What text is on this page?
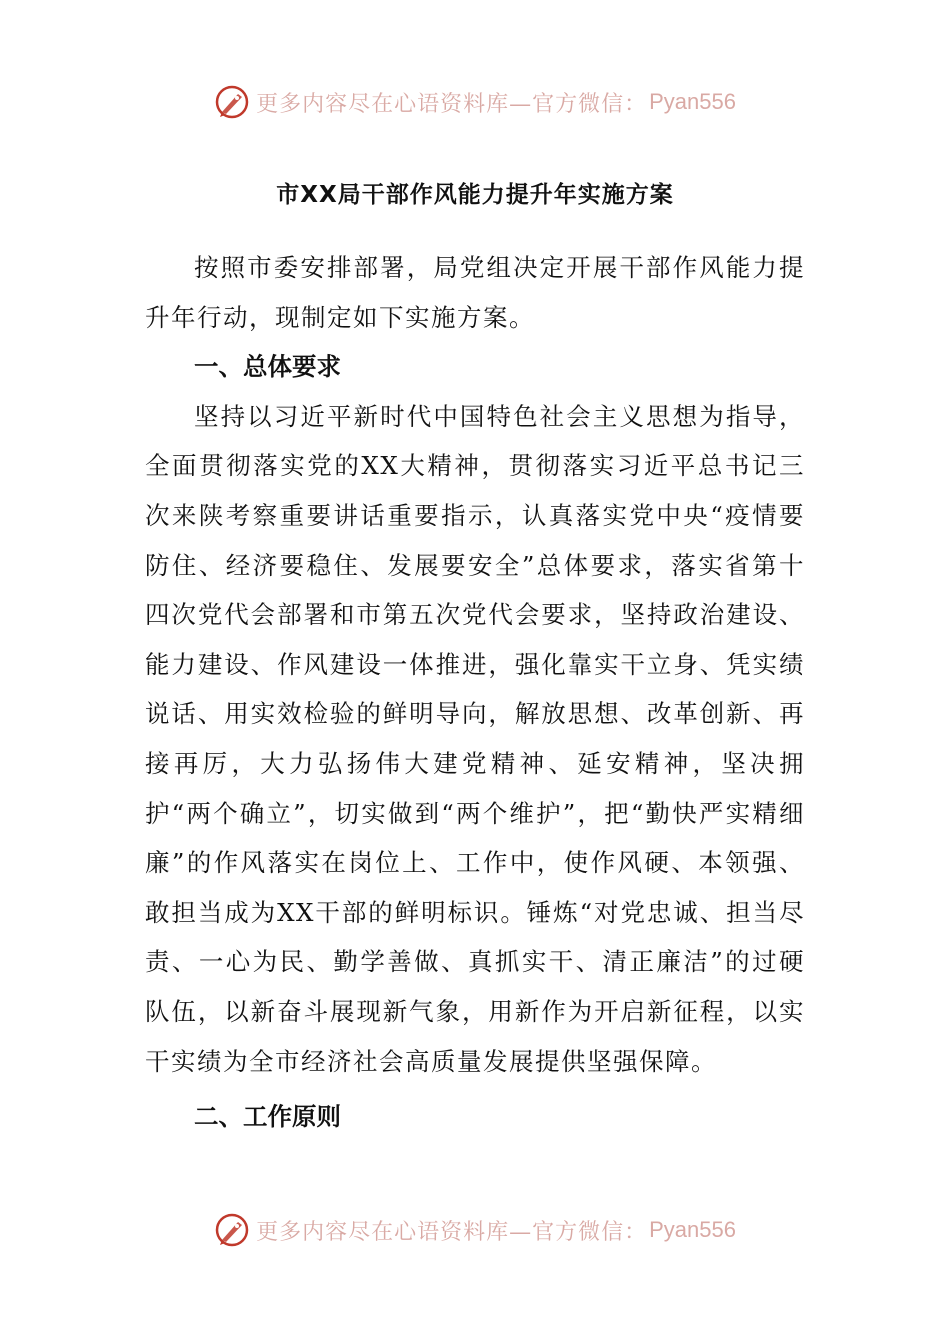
更多内容尽在心语资料库—官方微信： Pyan556
市XX局干部作风能力提升年实施方案

按照市委安排部署，局党组决定开展干部作风能力提升年行动，现制定如下实施方案。

一、总体要求

坚持以习近平新时代中国特色社会主义思想为指导，全面贯彻落实党的XX大精神，贯彻落实习近平总书记三次来陕考察重要讲话重要指示，认真落实党中央“疫情要防住、经济要稳住、发展要安全”总体要求，落实省第十四次党代会部署和市第五次党代会要求，坚持政治建设、能力建设、作风建设一体推进，强化靠实干立身、凭实绩说话、用实效检验的鲜明导向，解放思想、改革创新、再接再厉，大力弘扬伟大建党精神、延安精神，坚决拥护“两个确立”，切实做到“两个维护”，把“勤快严实精细廉”的作风落实在岗位上、工作中，使作风硬、本领强、敢担当成为XX干部的鲜明标识。锤炼“对党忠诚、担当尽责、一心为民、勤学善做、真抓实干、清正廉洁”的过硬队伍，以新奋斗展现新气象，用新作为开启新征程，以实干实绩为全市经济社会高质量发展提供坚强保障。

二、工作原则
更多内容尽在心语资料库—官方微信： Pyan556
